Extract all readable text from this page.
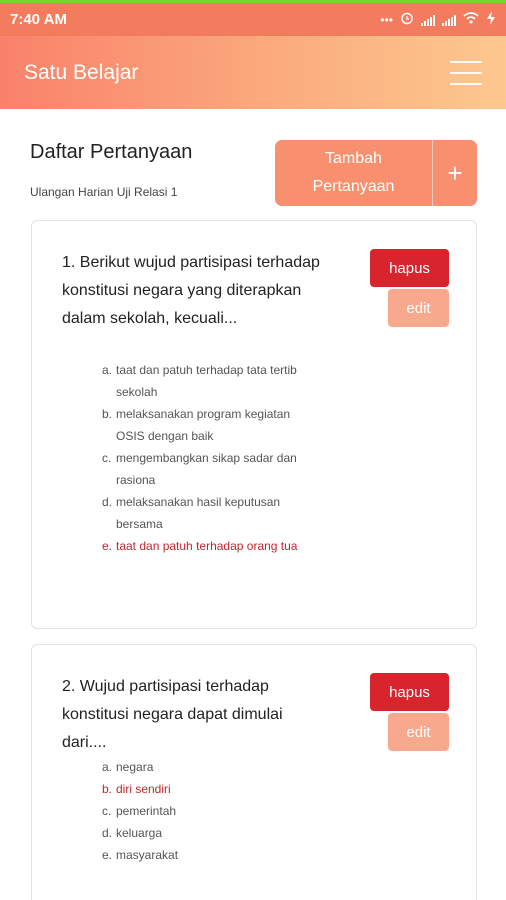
7:40 AM	•••
Satu Belajar
Daftar Pertanyaan
Ulangan Harian Uji Relasi 1
Tambah Pertanyaan	+
1. Berikut wujud partisipasi terhadap konstitusi negara yang diterapkan dalam sekolah, kecuali...
hapus
edit
a. taat dan patuh terhadap tata tertib sekolah
b. melaksanakan program kegiatan OSIS dengan baik
c. mengembangkan sikap sadar dan rasiona
d. melaksanakan hasil keputusan bersama
e. taat dan patuh terhadap orang tua
2. Wujud partisipasi terhadap konstitusi negara dapat dimulai dari....
hapus
edit
a. negara
b. diri sendiri
c. pemerintah
d. keluarga
e. masyarakat
